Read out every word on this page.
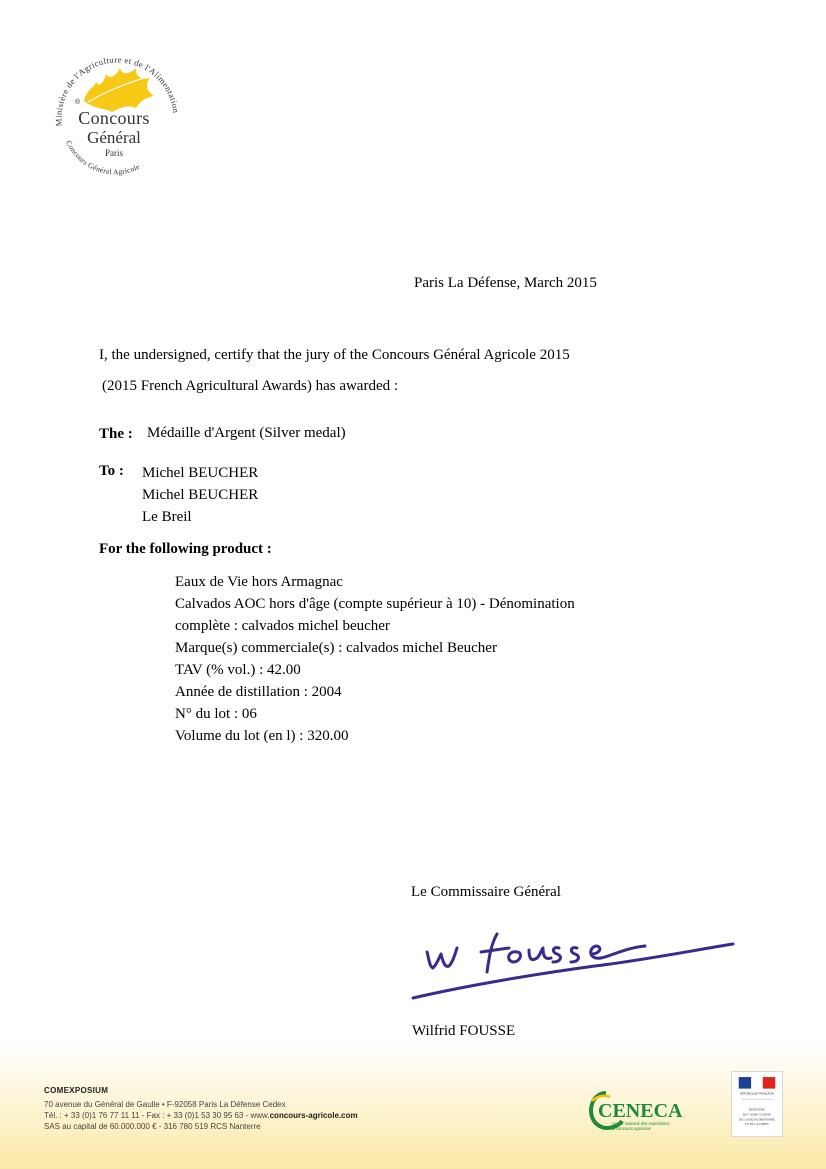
Ministère de l'Agriculture et de l'Alimentation
Concours Général Agricole
®
Concours
Général
Paris
Paris La Défense, March 2015
I, the undersigned, certify that the jury of the Concours Général Agricole 2015
(2015 French Agricultural Awards) has awarded :
The : Médaille d'Argent (Silver medal)
To : Michel BEUCHER
Michel BEUCHER
Le Breil
For the following product :
Eaux de Vie hors Armagnac
Calvados AOC hors d'âge (compte supérieur à 10) - Dénomination
complète : calvados michel beucher
Marque(s) commerciale(s) : calvados michel Beucher
TAV (% vol.) : 42.00
Année de distillation : 2004
N° du lot : 06
Volume du lot (en l) : 320.00
Le Commissaire Général
Wilfrid FOUSSE
COMEXPOSIUM
70 avenue du Général de Gaulle • F-92058 Paris La Défense Cedex
Tél. : + 33 (0)1 76 77 11 11 - Fax : + 33 (0)1 53 30 95 63 - www.concours-agricole.com
SAS au capital de 60.000.000 € - 316 780 519 RCS Nanterre
CENECA
centre national des expositions
& concours agricoles
RÉPUBLIQUE FRANÇAISE
MINISTÈRE
DE L'AGRICULTURE
DE L'AGROALIMENTAIRE
ET DE LA FORÊT
